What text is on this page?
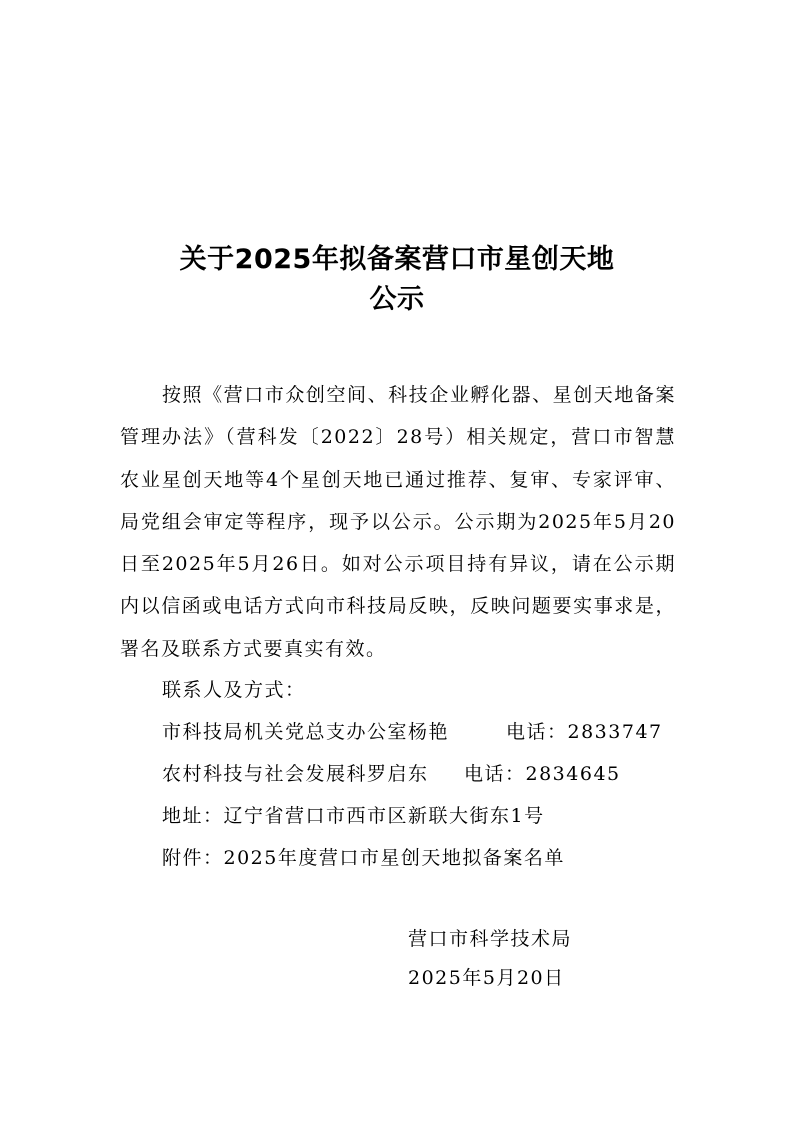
关于2025年拟备案营口市星创天地
公示

按照《营口市众创空间、科技企业孵化器、星创天地备案管理办法》（营科发〔2022〕28号）相关规定，营口市智慧农业星创天地等4个星创天地已通过推荐、复审、专家评审、局党组会审定等程序，现予以公示。公示期为2025年5月20日至2025年5月26日。如对公示项目持有异议，请在公示期内以信函或电话方式向市科技局反映，反映问题要实事求是，署名及联系方式要真实有效。

联系人及方式：
市科技局机关党总支办公室杨艳	电话：2833747
农村科技与社会发展科罗启东 电话：2834645
地址：辽宁省营口市西市区新联大街东1号
附件：2025年度营口市星创天地拟备案名单
营口市科学技术局
2025年5月20日
